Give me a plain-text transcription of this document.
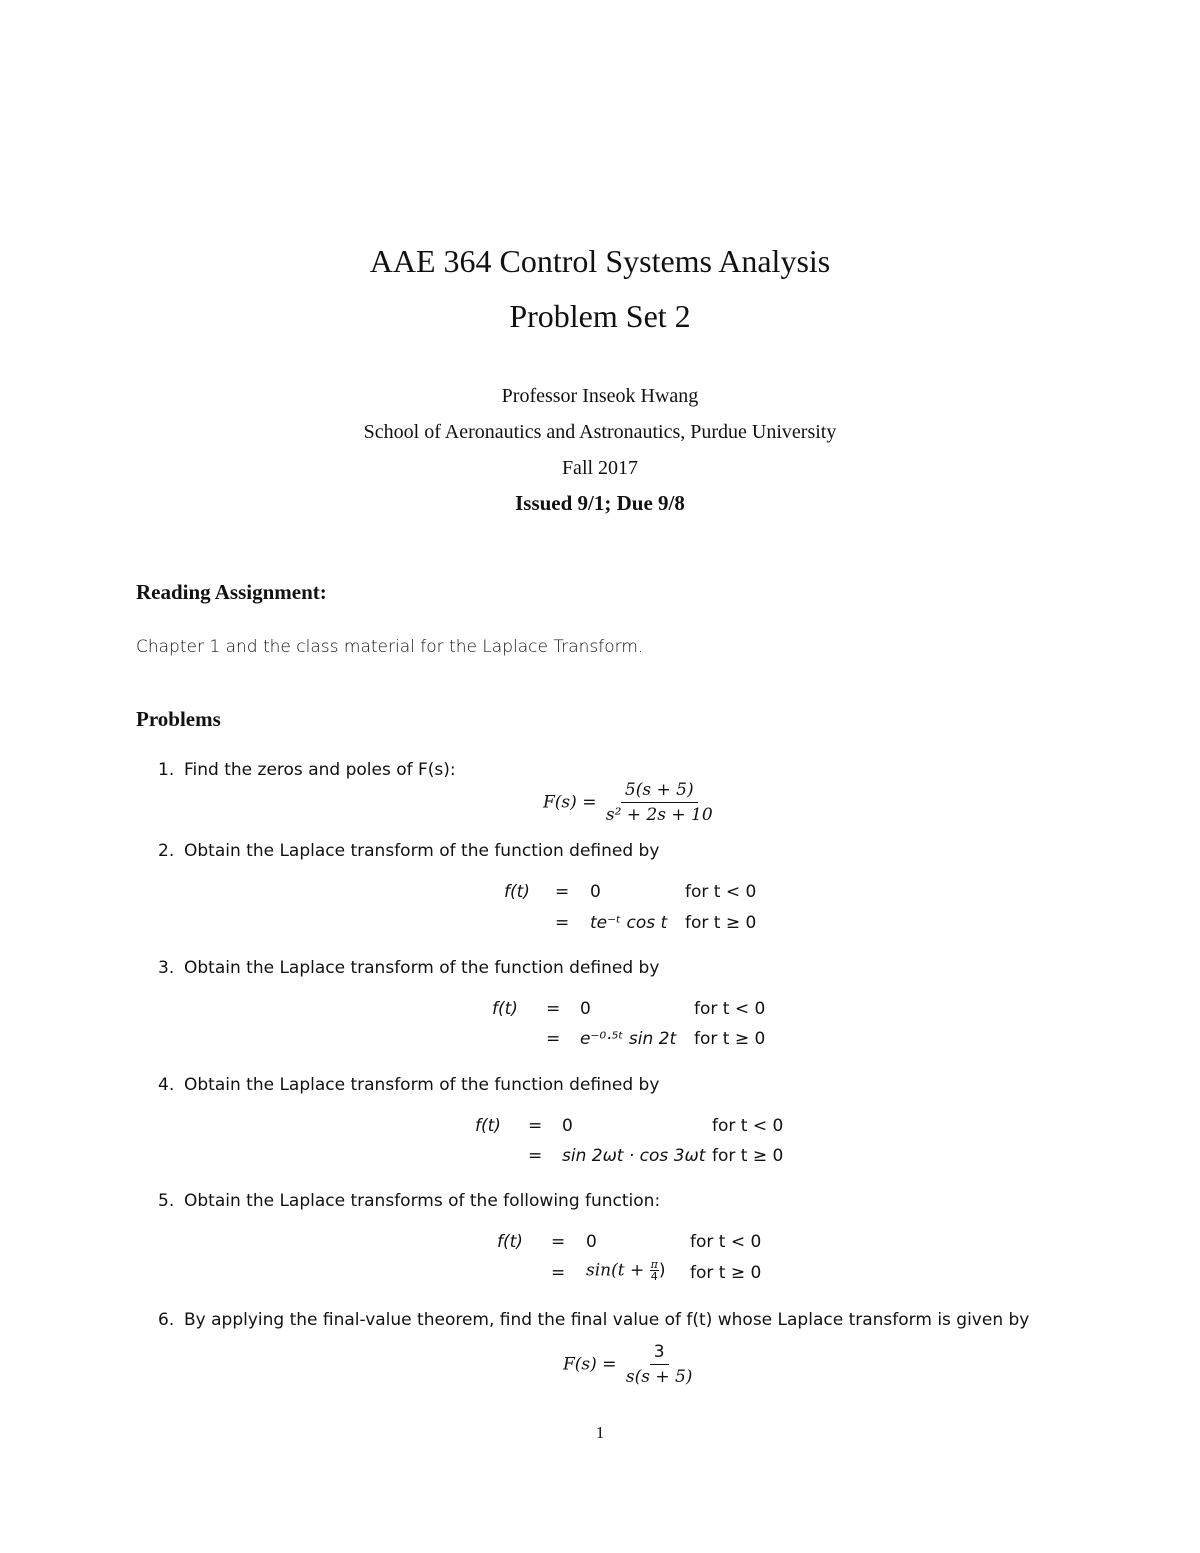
AAE 364 Control Systems Analysis
Problem Set 2
Professor Inseok Hwang
School of Aeronautics and Astronautics, Purdue University
Fall 2017
Issued 9/1; Due 9/8
Reading Assignment:
Chapter 1 and the class material for the Laplace Transform.
Problems
1. Find the zeros and poles of F(s):
$F(s) = \frac{5(s + 5)}{\text{s² + 2s + 10}}$
2. Obtain the Laplace transform of the function defined by
f(t) = 0	for t < 0
= te⁻ᵗ cos t for t ≥ 0
3. Obtain the Laplace transform of the function defined by
f(t) = 0	for t < 0
= e⁻⁰·⁵ᵗ sin 2t for t ≥ 0
4. Obtain the Laplace transform of the function defined by
f(t) = 0	for t < 0
= sin 2ωt · cos 3ωt for t ≥ 0
5. Obtain the Laplace transforms of the following function:
f(t) = 0	for t < 0
= $\sin(t + \frac{\pi}{4}$ ) for t ≥ 0
6. By applying the final-value theorem, find the final value of f(t) whose Laplace transform is given by
$F(s) = \frac{3}{s(s + 5)}$
1
